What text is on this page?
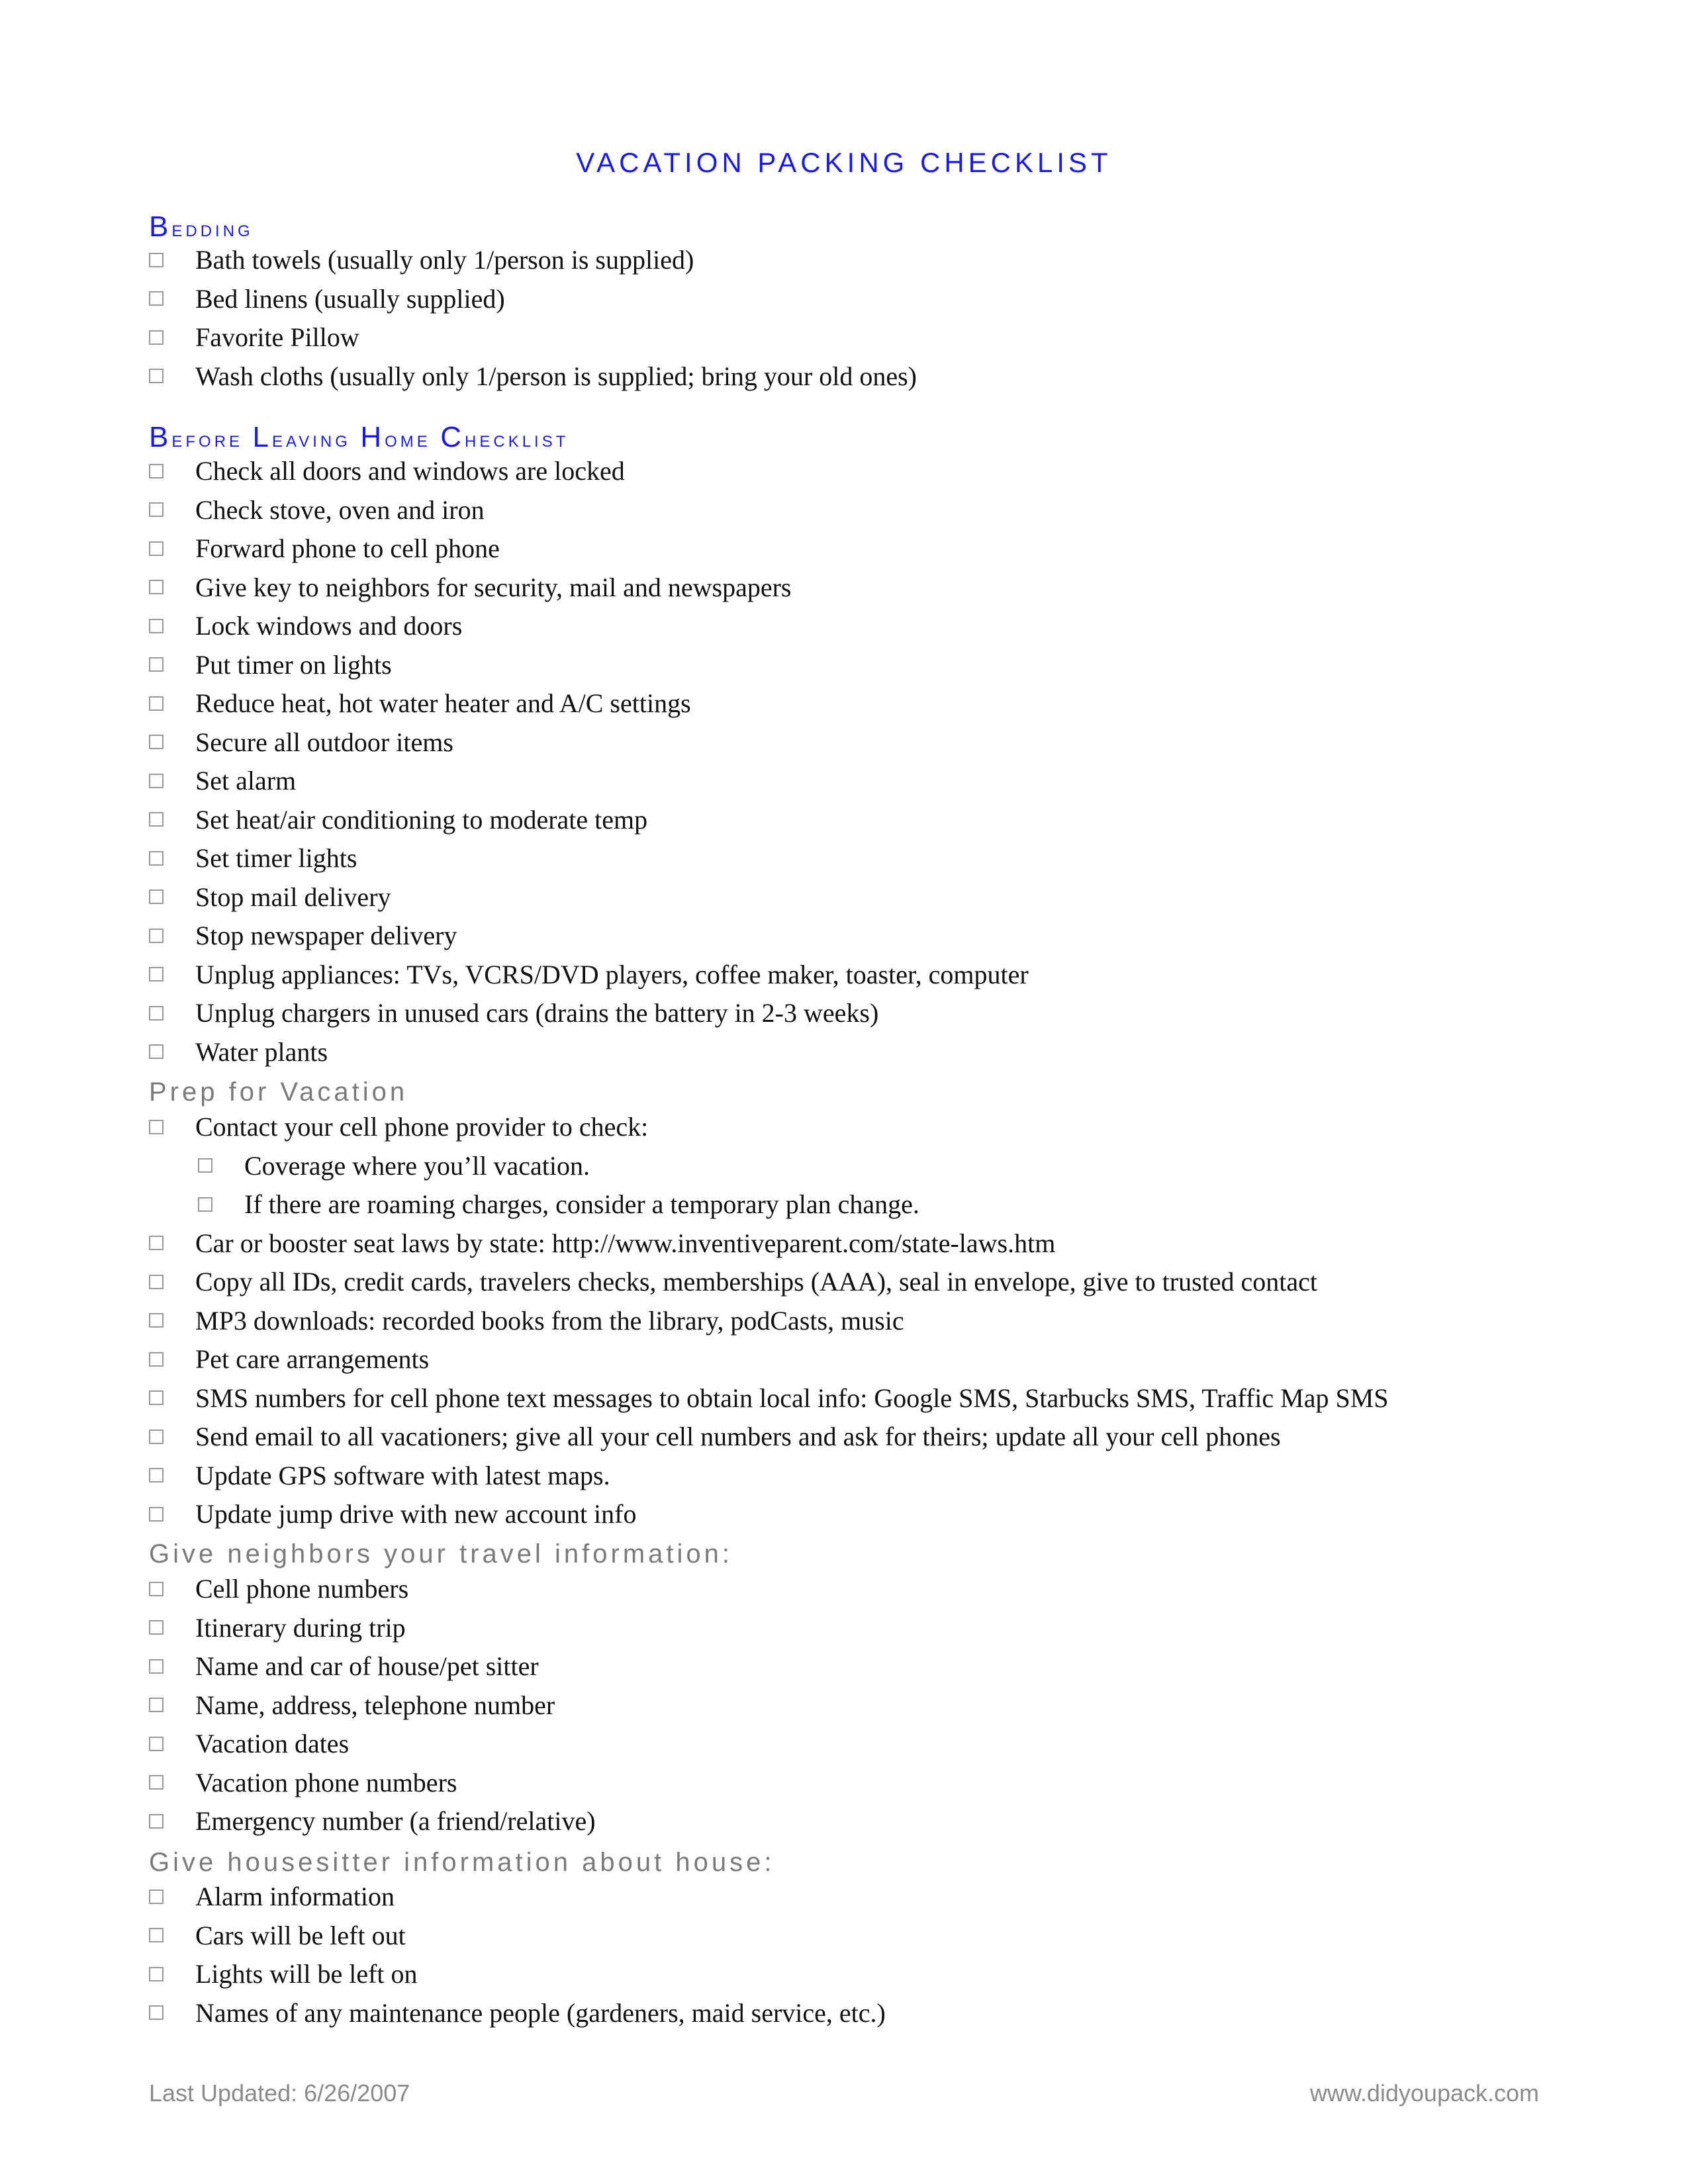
VACATION PACKING CHECKLIST
Bedding
Bath towels (usually only 1/person is supplied)
Bed linens (usually supplied)
Favorite Pillow
Wash cloths (usually only 1/person is supplied; bring your old ones)
Before Leaving Home Checklist
Check all doors and windows are locked
Check stove, oven and iron
Forward phone to cell phone
Give key to neighbors for security, mail and newspapers
Lock windows and doors
Put timer on lights
Reduce heat, hot water heater and A/C settings
Secure all outdoor items
Set alarm
Set heat/air conditioning to moderate temp
Set timer lights
Stop mail delivery
Stop newspaper delivery
Unplug appliances: TVs, VCRS/DVD players, coffee maker, toaster, computer
Unplug chargers in unused cars (drains the battery in 2-3 weeks)
Water plants
Prep for Vacation
Contact your cell phone provider to check:
Coverage where you’ll vacation.
If there are roaming charges, consider a temporary plan change.
Car or booster seat laws by state: http://www.inventiveparent.com/state-laws.htm
Copy all IDs, credit cards, travelers checks, memberships (AAA), seal in envelope, give to trusted contact
MP3 downloads: recorded books from the library, podCasts, music
Pet care arrangements
SMS numbers for cell phone text messages to obtain local info: Google SMS, Starbucks SMS, Traffic Map SMS
Send email to all vacationers; give all your cell numbers and ask for theirs; update all your cell phones
Update GPS software with latest maps.
Update jump drive with new account info
Give neighbors your travel information:
Cell phone numbers
Itinerary during trip
Name and car of house/pet sitter
Name, address, telephone number
Vacation dates
Vacation phone numbers
Emergency number (a friend/relative)
Give housesitter information about house:
Alarm information
Cars will be left out
Lights will be left on
Names of any maintenance people (gardeners, maid service, etc.)
Last Updated: 6/26/2007	www.didyoupack.com
